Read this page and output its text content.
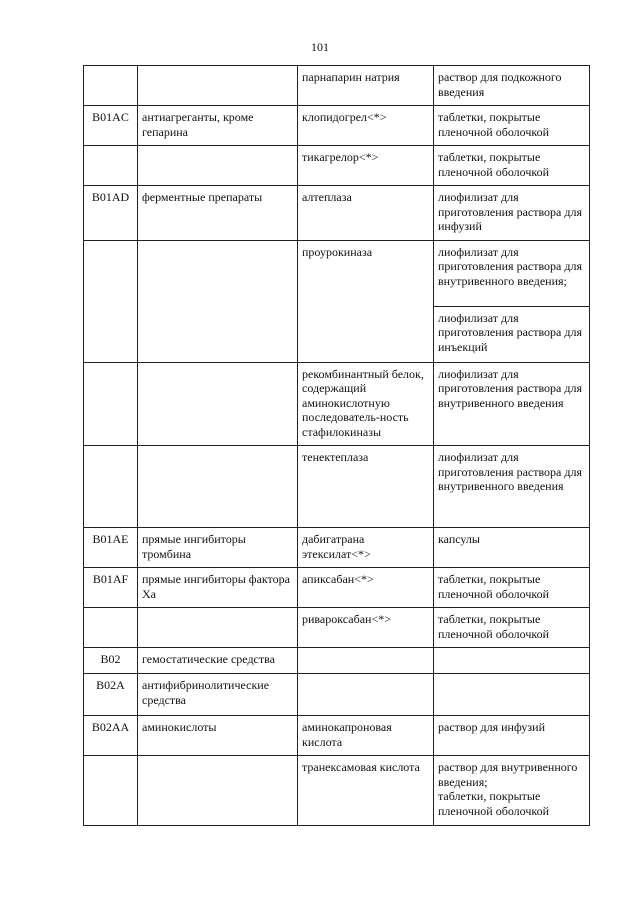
101
		парнапарин натрия	раствор для подкожного введения
B01AC	антиагреганты, кроме гепарина	клопидогрел<*>	таблетки, покрытые пленочной оболочкой
		тикагрелор<*>	таблетки, покрытые пленочной оболочкой
B01AD	ферментные препараты	алтеплаза	лиофилизат для приготовления раствора для инфузий
		проурокиназа	лиофилизат для приготовления раствора для внутривенного введения;
			лиофилизат для приготовления раствора для инъекций
		рекомбинантный белок, содержащий аминокислотную последователь-ность стафилокиназы	лиофилизат для приготовления раствора для внутривенного введения
		тенектеплаза	лиофилизат для приготовления раствора для внутривенного введения
B01AE	прямые ингибиторы тромбина	дабигатрана этексилат<*>	капсулы
B01AF	прямые ингибиторы фактора Xa	апиксабан<*>	таблетки, покрытые пленочной оболочкой
		ривароксабан<*>	таблетки, покрытые пленочной оболочкой
B02	гемостатические средства		
B02A	антифибринолитические средства		
B02AA	аминокислоты	аминокапроновая кислота	раствор для инфузий
		транексамовая кислота	раствор для внутривенного введения;
таблетки, покрытые пленочной оболочкой
